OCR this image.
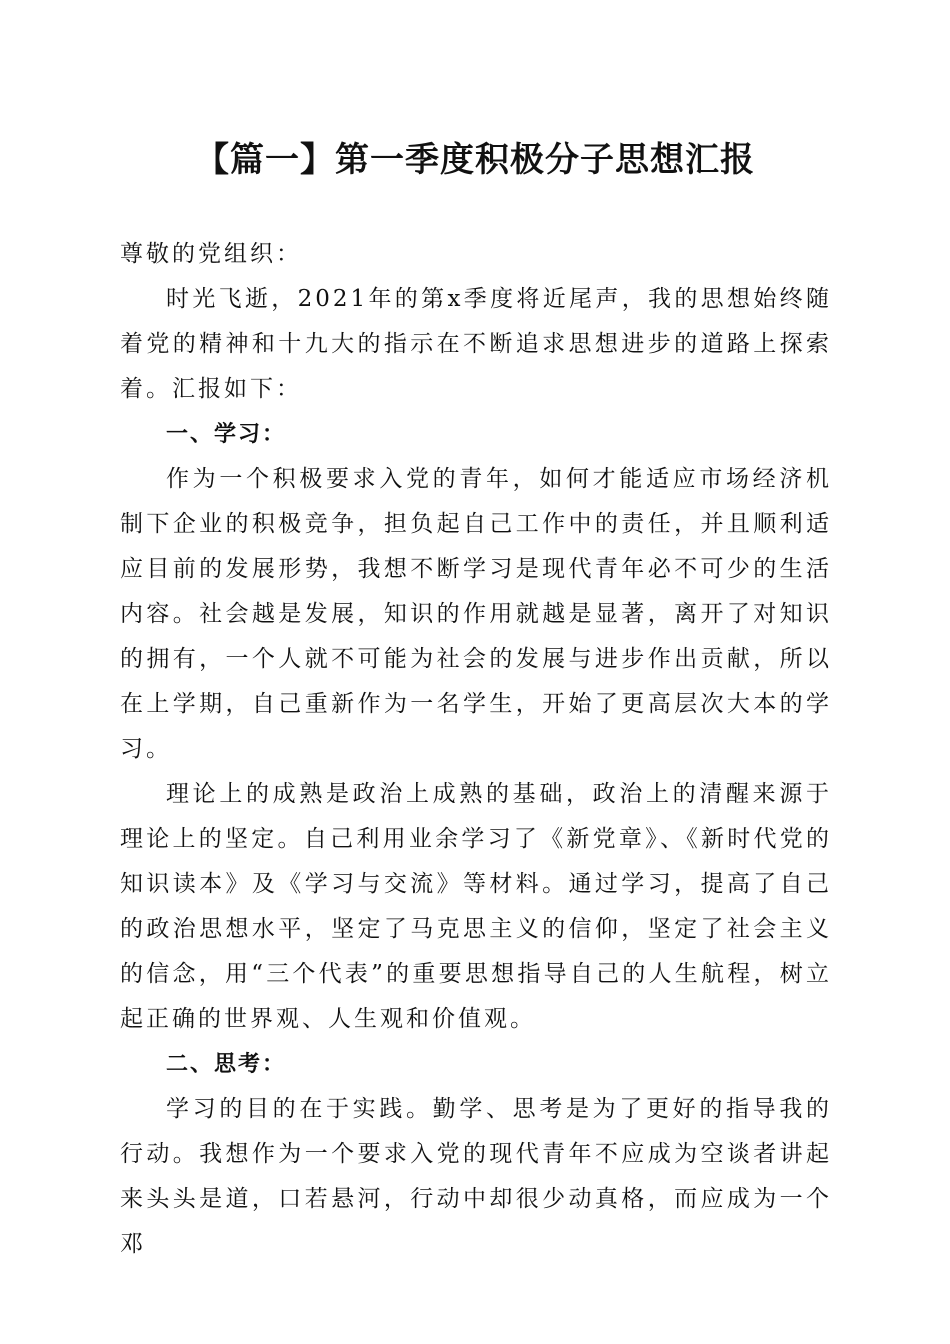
【篇一】第一季度积极分子思想汇报

尊敬的党组织：

时光飞逝，2021年的第x季度将近尾声，我的思想始终随着党的精神和十九大的指示在不断追求思想进步的道路上探索着。汇报如下：

一、学习：

作为一个积极要求入党的青年，如何才能适应市场经济机制下企业的积极竞争，担负起自己工作中的责任，并且顺利适应目前的发展形势，我想不断学习是现代青年必不可少的生活内容。社会越是发展，知识的作用就越是显著，离开了对知识的拥有，一个人就不可能为社会的发展与进步作出贡献，所以在上学期，自己重新作为一名学生，开始了更高层次大本的学习。

理论上的成熟是政治上成熟的基础，政治上的清醒来源于理论上的坚定。自己利用业余学习了《新党章》、《新时代党的知识读本》及《学习与交流》等材料。通过学习，提高了自己的政治思想水平，坚定了马克思主义的信仰，坚定了社会主义的信念，用“三个代表”的重要思想指导自己的人生航程，树立起正确的世界观、人生观和价值观。

二、思考：

学习的目的在于实践。勤学、思考是为了更好的指导我的行动。我想作为一个要求入党的现代青年不应成为空谈者讲起来头头是道，口若悬河，行动中却很少动真格，而应成为一个邓
